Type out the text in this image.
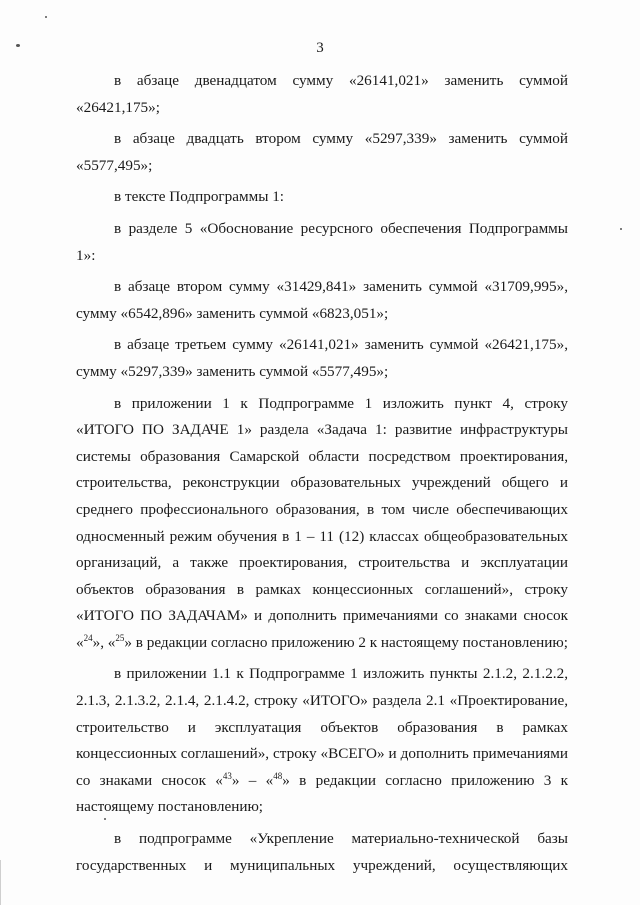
3

в абзаце двенадцатом сумму «26141,021» заменить суммой «26421,175»;

в абзаце двадцать втором сумму «5297,339» заменить суммой «5577,495»;

в тексте Подпрограммы 1:

в разделе 5 «Обоснование ресурсного обеспечения Подпрограммы 1»:

в абзаце втором сумму «31429,841» заменить суммой «31709,995», сумму «6542,896» заменить суммой «6823,051»;

в абзаце третьем сумму «26141,021» заменить суммой «26421,175», сумму «5297,339» заменить суммой «5577,495»;

в приложении 1 к Подпрограмме 1 изложить пункт 4, строку «ИТОГО ПО ЗАДАЧЕ 1» раздела «Задача 1: развитие инфраструктуры системы образования Самарской области посредством проектирования, строительства, реконструкции образовательных учреждений общего и среднего профессионального образования, в том числе обеспечивающих односменный режим обучения в 1 – 11 (12) классах общеобразовательных организаций, а также проектирования, строительства и эксплуатации объектов образования в рамках концессионных соглашений», строку «ИТОГО ПО ЗАДАЧАМ» и дополнить примечаниями со знаками сносок «$^{24}$», «$^{25}$» в редакции согласно приложению 2 к настоящему постановлению;

в приложении 1.1 к Подпрограмме 1 изложить пункты 2.1.2, 2.1.2.2, 2.1.3, 2.1.3.2, 2.1.4, 2.1.4.2, строку «ИТОГО» раздела 2.1 «Проектирование, строительство и эксплуатация объектов образования в рамках концессионных соглашений», строку «ВСЕГО» и дополнить примечаниями со знаками сносок «$^{43}$» – «$^{48}$» в редакции согласно приложению 3 к настоящему постановлению;

в подпрограмме «Укрепление материально-технической базы государственных и муниципальных учреждений, осуществляющих
